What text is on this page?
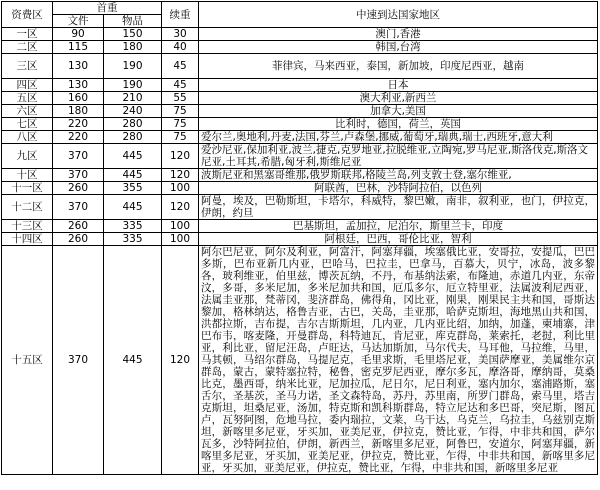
资费区	首重		续重	中速到达国家地区
	文件	物品		
一区	90	150	30	澳门,香港
二区	115	180	40	韩国,台湾
三区	130	190	45	菲律宾，马来西亚，泰国，新加坡，印度尼西亚，越南
四区	130	190	45	日本
五区	160	210	55	澳大利亚,新西兰
六区	180	240	75	加拿大,美国
七区	220	280	75	比利时，德国，荷兰，英国
八区	220	280	75	爱尔兰,奥地利,丹麦,法国,芬兰,卢森堡,挪威,葡萄牙,瑞典,瑞士,西班牙,意大利
九区	370	445	120	爱沙尼亚,保加利亚,波兰,捷克,克罗地亚,拉脱维亚,立陶宛,罗马尼亚,斯洛伐克,斯洛文尼亚,土耳其,希腊,匈牙利,斯维尼亚
十区	370	445	120	波斯尼亚和黑塞哥维那,俄罗斯联邦,格陵兰岛,列支敦士登,塞尔维亚,
十一区	260	355	100	阿联酋，巴林，沙特阿拉伯，以色列
十二区	370	445	120	阿曼，埃及，巴勒斯坦，卡塔尔，科威特，黎巴嫩，南非，叙利亚，也门，伊拉克，伊朗，约旦
十三区	260	335	100	巴基斯坦，孟加拉，尼泊尔，斯里兰卡，印度
十四区	260	335	100	阿根廷，巴西，哥伦比亚，智利
十五区	370	445	120	阿尔巴尼亚，阿尔及利亚，阿富汗，阿塞拜疆，埃塞俄比亚，安哥拉，安提瓜，巴巴多斯，巴布亚新几内亚，巴哈马，巴拉圭，巴拿马，百慕大，贝宁，冰岛，波多黎各，玻利维亚，伯里兹，博茨瓦纳，不丹，布基纳法索，布隆迪，赤道几内亚，东帝汶，多哥，多米尼加，多米尼加共和国，厄瓜多尔，厄立特里亚，法属波利尼西亚，法属圭亚那，梵蒂冈，斐济群岛，佛得角，冈比亚，刚果，刚果民主共和国，哥斯达黎加，格林纳达，格鲁吉亚，古巴，关岛，圭亚那，哈萨克斯坦，海地黑山共和国，洪都拉斯，吉布提，吉尔吉斯斯坦，几内亚，几内亚比绍，加纳，加蓬，柬埔寨，津巴布韦，喀麦隆，开曼群岛，科特迪瓦，肯尼亚，库克群岛，莱索托，老挝，利比里亚，利比亚，留尼汪岛，卢旺达，马达加斯加，马尔代夫，马耳他，马拉维，马里，马其顿，马绍尔群岛，马提尼克，毛里求斯，毛里塔尼亚，美国萨摩亚，美属维尔京群岛，蒙古，蒙特塞拉特，秘鲁，密克罗尼西亚，摩尔多瓦，摩洛哥，摩纳哥，莫桑比克，墨西哥，纳米比亚，尼加拉瓜，尼日尔，尼日利亚，塞内加尔，塞浦路斯，塞舌尔，圣基茨，圣马力诺，圣文森特岛，苏丹，苏里南，所罗门群岛，索马里，塔吉克斯坦，坦桑尼亚，汤加，特克斯和凯科斯群岛，特立尼达和多巴哥，突尼斯，图瓦卢，瓦努阿图，危地马拉，委内瑞拉，文莱，乌干达，乌克兰，乌拉圭，乌兹别克斯坦，新喀里多尼亚，牙买加，亚美尼亚，伊拉克，赞比亚，乍得，中非共和国，萨尔瓦多，沙特阿拉伯，伊朗，新西兰，新喀里多尼亚，阿鲁巴，安道尔，阿塞拜疆，新喀里多尼亚，牙买加，亚美尼亚，伊拉克，赞比亚，乍得，中非共和国，新喀里多尼亚，牙买加，亚美尼亚，伊拉克，赞比亚，乍得，中非共和国，新喀里多尼亚
